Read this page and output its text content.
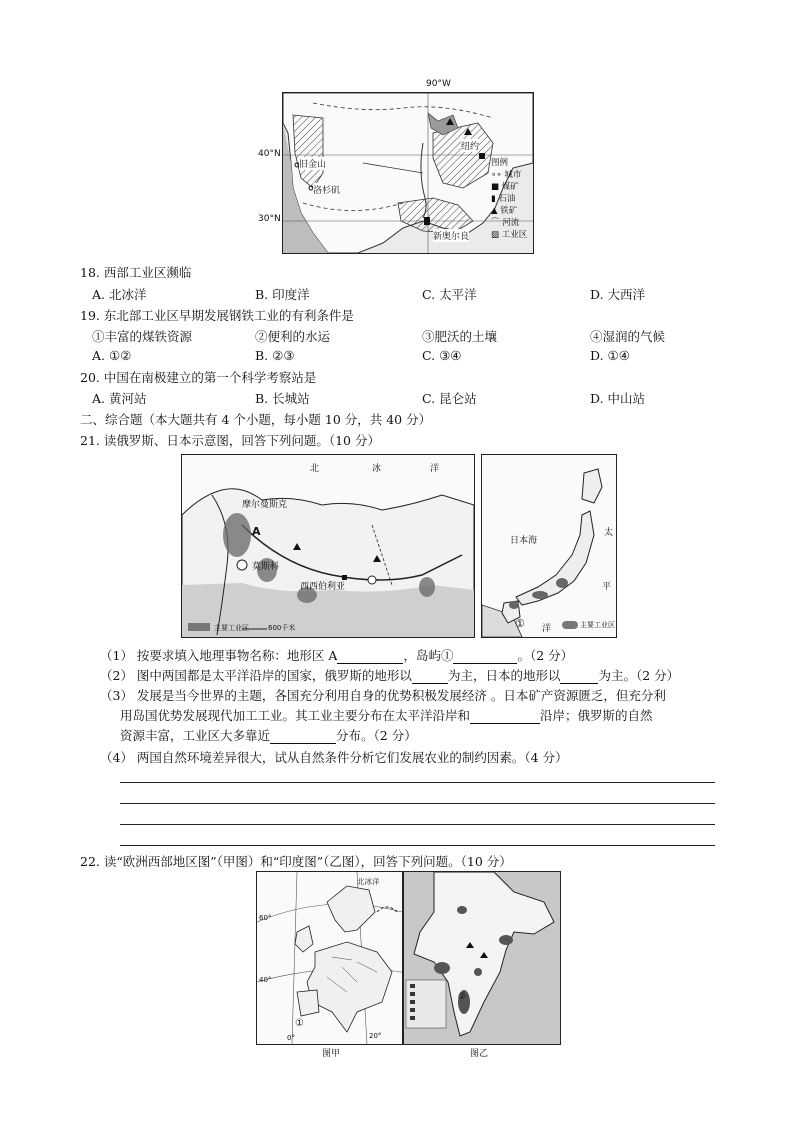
90°W
40°N
30°N
旧金山
洛杉矶
纽约
新奥尔良
图例
∘∘ 城市
■ 煤矿
▮ 石油
▲ 铁矿
⌒ 河流
▨ 工业区
18. 西部工业区濒临
A. 北冰洋	B. 印度洋	C. 太平洋	D. 大西洋
19. 东北部工业区早期发展钢铁工业的有利条件是
①丰富的煤铁资源	②便利的水运	③肥沃的土壤	④湿润的气候
A. ①②	B. ②③	C. ③④	D. ①④
20. 中国在南极建立的第一个科学考察站是
A. 黄河站	B. 长城站	C. 昆仑站	D. 中山站
二、综合题（本大题共有 4 个小题，每小题 10 分，共 40 分）
21. 读俄罗斯、日本示意图，回答下列问题。（10 分）
北	冰	洋
摩尔曼斯克
A
莫斯科
西西伯利亚
主要工业区	600千米
日本海
太
平
洋
①	主要工业区
（1） 按要求填入地理事物名称：地形区 A	，岛屿①	。（2 分）
（2） 图中两国都是太平洋沿岸的国家，俄罗斯的地形以	为主，日本的地形以	为主。（2 分）
（3） 发展是当今世界的主题，各国充分利用自身的优势积极发展经济 。日本矿产资源匮乏，但充分利
用岛国优势发展现代加工工业。其工业主要分布在太平洋沿岸和	沿岸；俄罗斯的自然
资源丰富，工业区大多靠近	分布。（2 分）
（4） 两国自然环境差异很大，试从自然条件分析它们发展农业的制约因素。（4 分）
22. 读“欧洲西部地区图”（甲图）和“印度图”（乙图），回答下列问题。（10 分）
北冰洋
60°
40°
0°	20°
①
图甲
②
图乙
